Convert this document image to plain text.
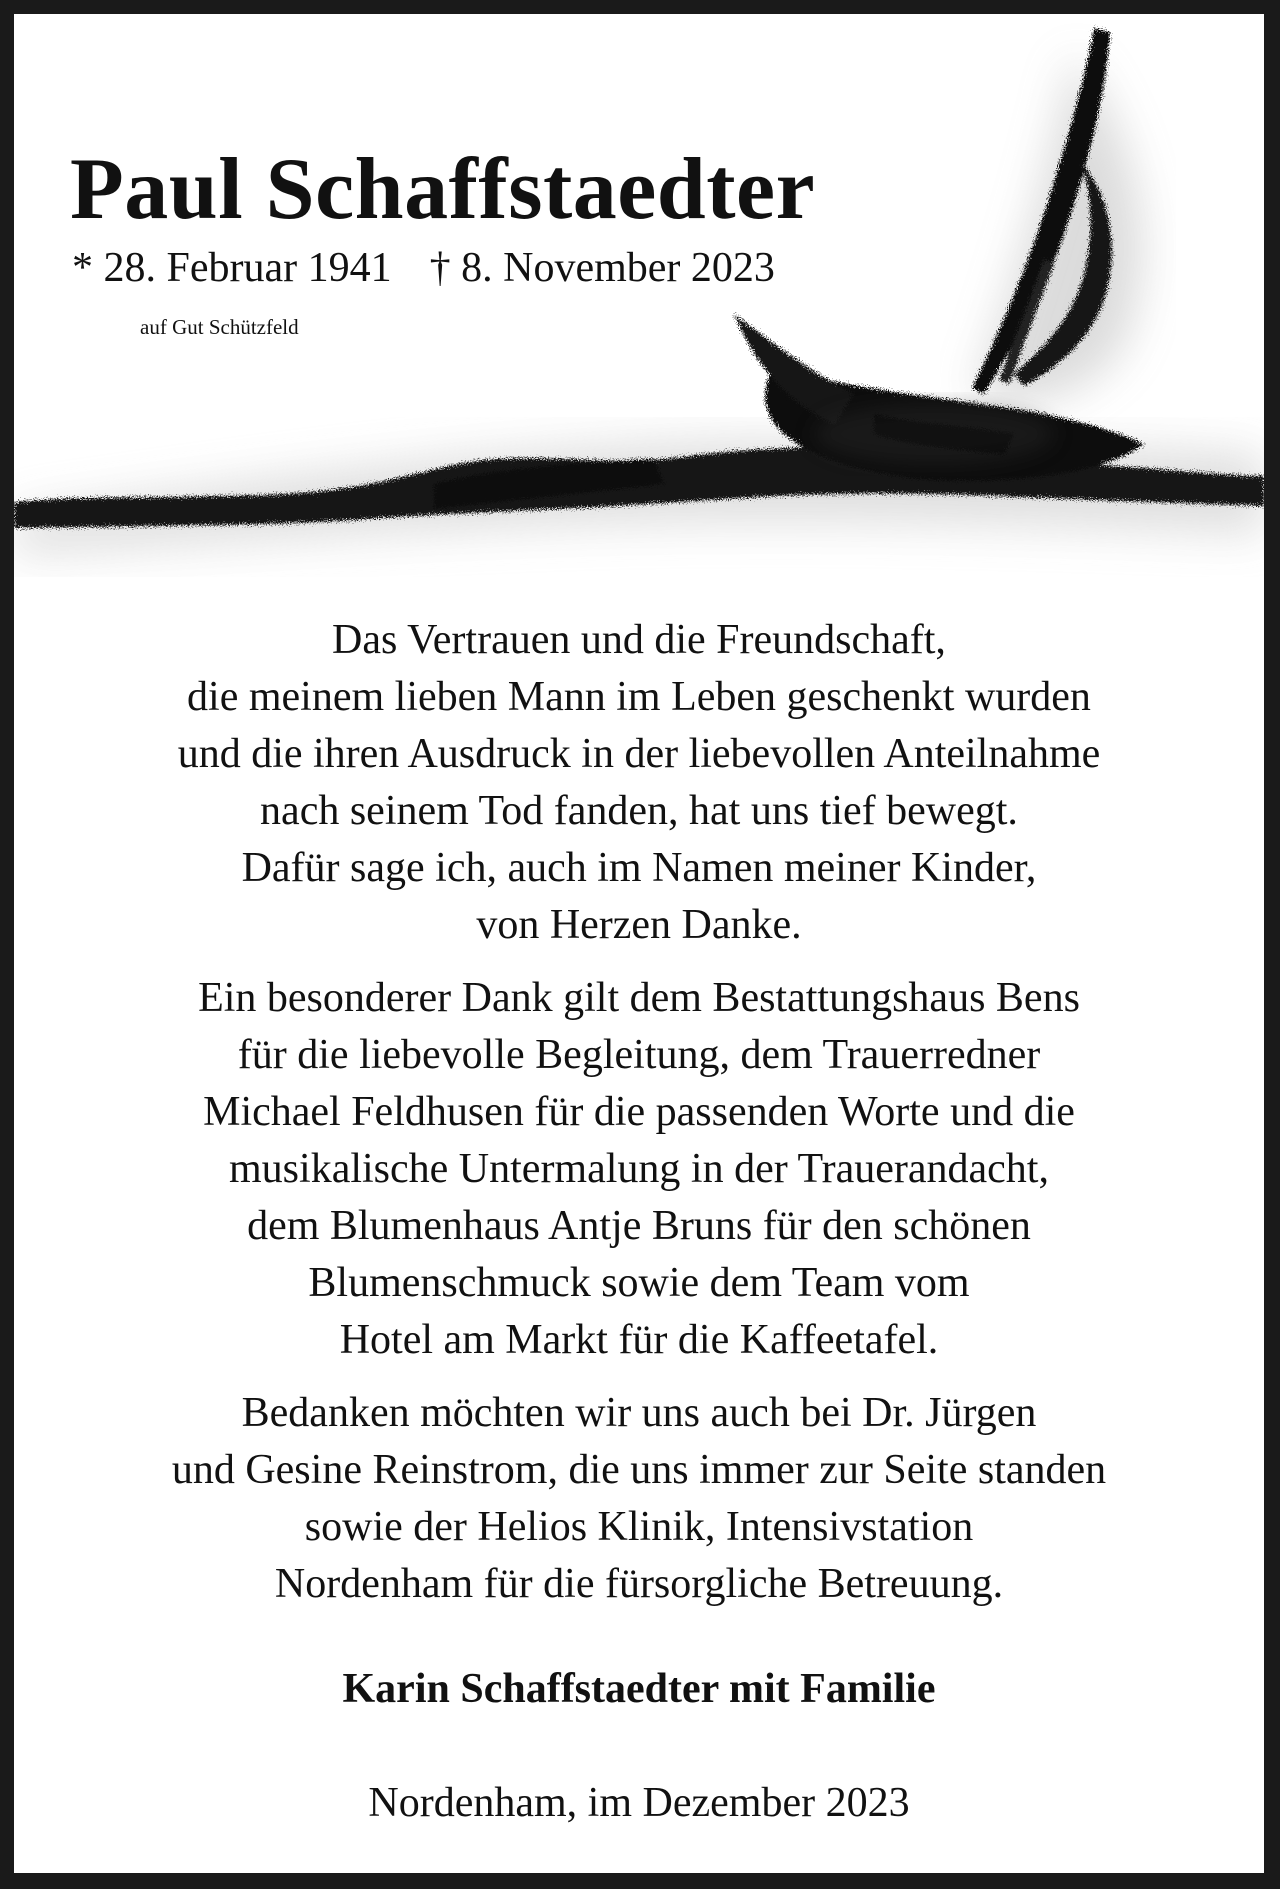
Paul Schaffstaedter
* 28. Februar 1941 † 8. November 2023
auf Gut Schützfeld
Das Vertrauen und die Freundschaft,
die meinem lieben Mann im Leben geschenkt wurden
und die ihren Ausdruck in der liebevollen Anteilnahme
nach seinem Tod fanden, hat uns tief bewegt.
Dafür sage ich, auch im Namen meiner Kinder,
von Herzen Danke.
Ein besonderer Dank gilt dem Bestattungshaus Bens
für die liebevolle Begleitung, dem Trauerredner
Michael Feldhusen für die passenden Worte und die
musikalische Untermalung in der Trauerandacht,
dem Blumenhaus Antje Bruns für den schönen
Blumenschmuck sowie dem Team vom
Hotel am Markt für die Kaffeetafel.
Bedanken möchten wir uns auch bei Dr. Jürgen
und Gesine Reinstrom, die uns immer zur Seite standen
sowie der Helios Klinik, Intensivstation
Nordenham für die fürsorgliche Betreuung.
Karin Schaffstaedter mit Familie
Nordenham, im Dezember 2023
